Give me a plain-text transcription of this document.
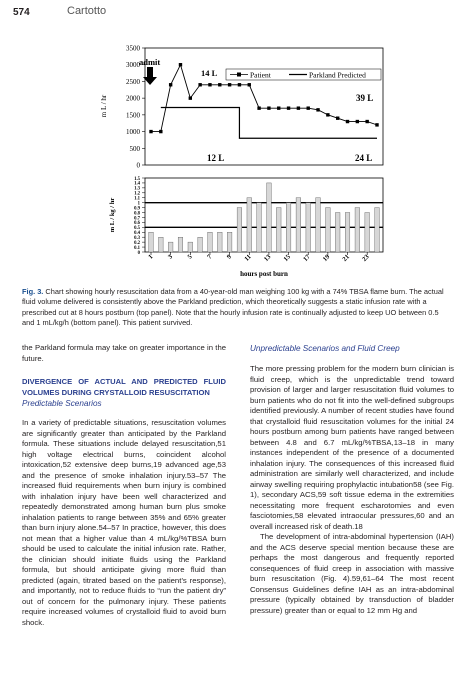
574	Cartotto
0
500
1000
1500
2000
2500
3000
3500
m L / hr
Patient	Parkland Predicted
admit
14 L
39 L
12 L	24 L
0
0.1
0.2
0.3
0.4
0.5
0.6
0.7
0.8
0.9
1
1.1
1.2
1.3
1.4
1.5
1 3 5 7 9 11 13 15 17 19 21 23
m L / kg / hr
hours post burn
Fig. 3. Chart showing hourly resuscitation data from a 40-year-old man weighing 100 kg with a 74% TBSA flame burn. The actual fluid volume delivered is consistently above the Parkland prediction, which theoretically suggests a static infusion rate with a prescribed cut at 8 hours postburn (top panel). Note that the hourly infusion rate is continually adjusted to keep UO between 0.5 and 1 mL/kg/h (bottom panel). This patient survived.

the Parkland formula may take on greater importance in the future.

DIVERGENCE OF ACTUAL AND PREDICTED FLUID VOLUMES DURING CRYSTALLOID RESUSCITATION

Predictable Scenarios

In a variety of predictable situations, resuscitation volumes are significantly greater than anticipated by the Parkland formula. These situations include delayed resuscitation,51 high voltage electrical burns, coincident alcohol intoxication,52 extensive deep burns,19 advanced age,53 and the presence of smoke inhalation injury.53–57 The increased fluid requirements when burn injury is combined with inhalation injury have been well characterized and repeatedly demonstrated among human burn plus smoke inhalation patients to range between 35% and 65% greater than burn injury alone.54–57 In practice, however, this does not mean that a higher value than 4 mL/kg/%TBSA burn should be used to calculate the initial infusion rate. Rather, the clinician should initiate fluids using the Parkland formula, but should anticipate giving more fluid than predicted (again, titrated based on the patient’s response), and importantly, not to reduce fluids to “run the patient dry” out of concern for the pulmonary injury. These patients require increased volumes of crystalloid fluid to avoid burn shock.

Unpredictable Scenarios and Fluid Creep

The more pressing problem for the modern burn clinician is fluid creep, which is the unpredictable trend toward provision of larger and larger resuscitation fluid volumes to burn patients who do not fit into the well-defined subgroups identified previously. A number of recent studies have found that crystalloid fluid resuscitation volumes for the initial 24 hours postburn among burn patients have ranged between between 4.8 and 6.7 mL/kg/%TBSA,13–18 in many instances independent of the presence of a documented inhalation injury. The consequences of this increased fluid administration are similarly well characterized, and include airway swelling requiring prophylactic intubation58 (see Fig. 1), secondary ACS,59 soft tissue edema in the extremities necessitating more frequent escharotomies and even fasciotomies,58 elevated intraocular pressures,60 and an overall increased risk of death.18

The development of intra-abdominal hypertension (IAH) and the ACS deserve special mention because these are perhaps the most dangerous and frequently reported consequences of fluid creep in association with massive burn resuscitation (Fig. 4).59,61–64 The most recent Consensus Guidelines define IAH as an intra-abdominal pressure (typically obtained by transduction of bladder pressure) greater than or equal to 12 mm Hg and
